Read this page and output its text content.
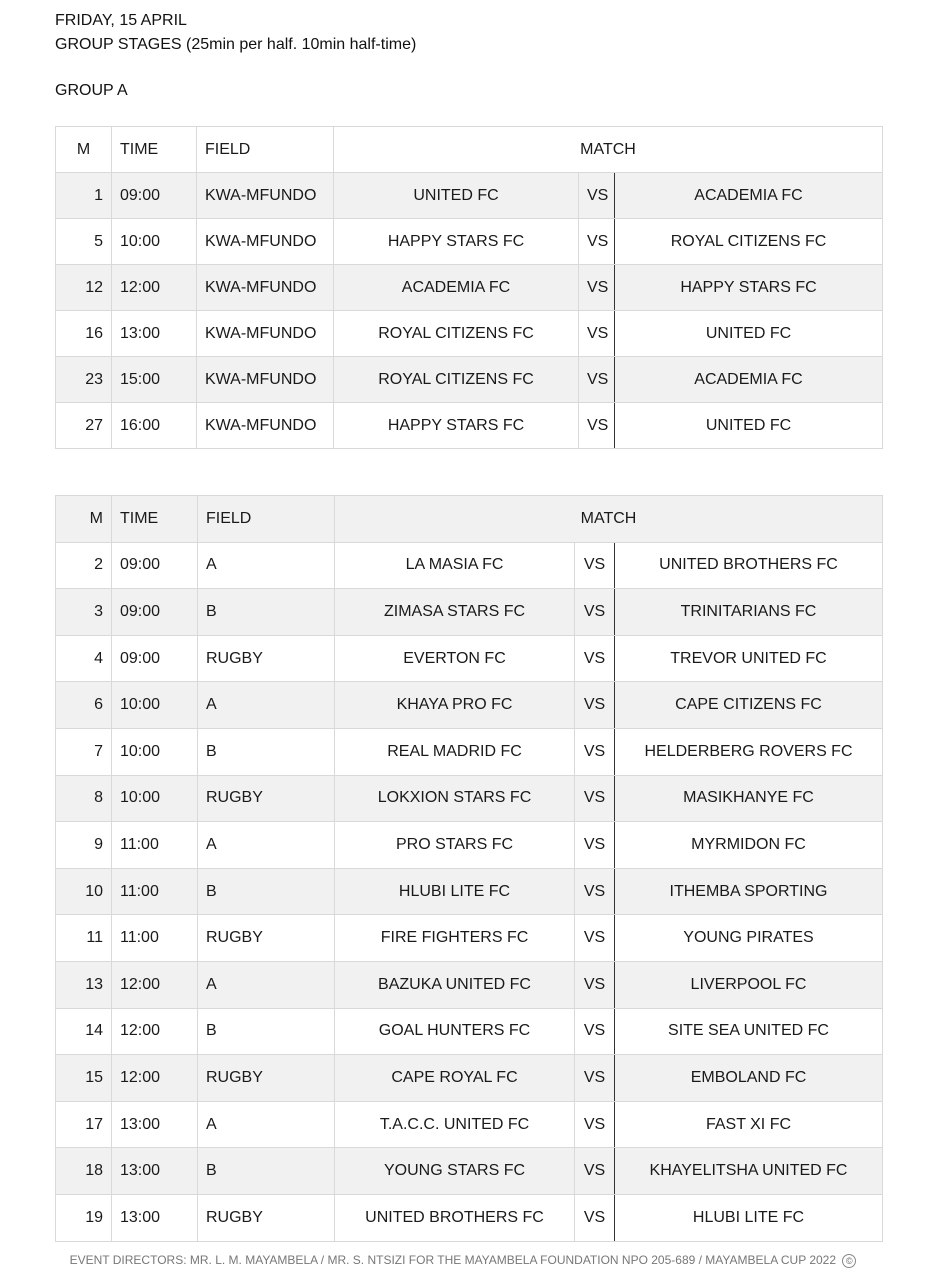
FRIDAY, 15 APRIL
GROUP STAGES (25min per half. 10min half-time)
GROUP A
M	TIME	FIELD	MATCH		
1	09:00	KWA-MFUNDO	UNITED FC	VS	ACADEMIA FC
5	10:00	KWA-MFUNDO	HAPPY STARS FC	VS	ROYAL CITIZENS FC
12	12:00	KWA-MFUNDO	ACADEMIA FC	VS	HAPPY STARS FC
16	13:00	KWA-MFUNDO	ROYAL CITIZENS FC	VS	UNITED FC
23	15:00	KWA-MFUNDO	ROYAL CITIZENS FC	VS	ACADEMIA FC
27	16:00	KWA-MFUNDO	HAPPY STARS FC	VS	UNITED FC
M	TIME	FIELD	MATCH		
2	09:00	A	LA MASIA FC	VS	UNITED BROTHERS FC
3	09:00	B	ZIMASA STARS FC	VS	TRINITARIANS FC
4	09:00	RUGBY	EVERTON FC	VS	TREVOR UNITED FC
6	10:00	A	KHAYA PRO FC	VS	CAPE CITIZENS FC
7	10:00	B	REAL MADRID FC	VS	HELDERBERG ROVERS FC
8	10:00	RUGBY	LOKXION STARS FC	VS	MASIKHANYE FC
9	11:00	A	PRO STARS FC	VS	MYRMIDON FC
10	11:00	B	HLUBI LITE FC	VS	ITHEMBA SPORTING
11	11:00	RUGBY	FIRE FIGHTERS FC	VS	YOUNG PIRATES
13	12:00	A	BAZUKA UNITED FC	VS	LIVERPOOL FC
14	12:00	B	GOAL HUNTERS FC	VS	SITE SEA UNITED FC
15	12:00	RUGBY	CAPE ROYAL FC	VS	EMBOLAND FC
17	13:00	A	T.A.C.C. UNITED FC	VS	FAST XI FC
18	13:00	B	YOUNG STARS FC	VS	KHAYELITSHA UNITED FC
19	13:00	RUGBY	UNITED BROTHERS FC	VS	HLUBI LITE FC
EVENT DIRECTORS: MR. L. M. MAYAMBELA / MR. S. NTSIZI FOR THE MAYAMBELA FOUNDATION NPO 205-689 / MAYAMBELA CUP 2022 ©
